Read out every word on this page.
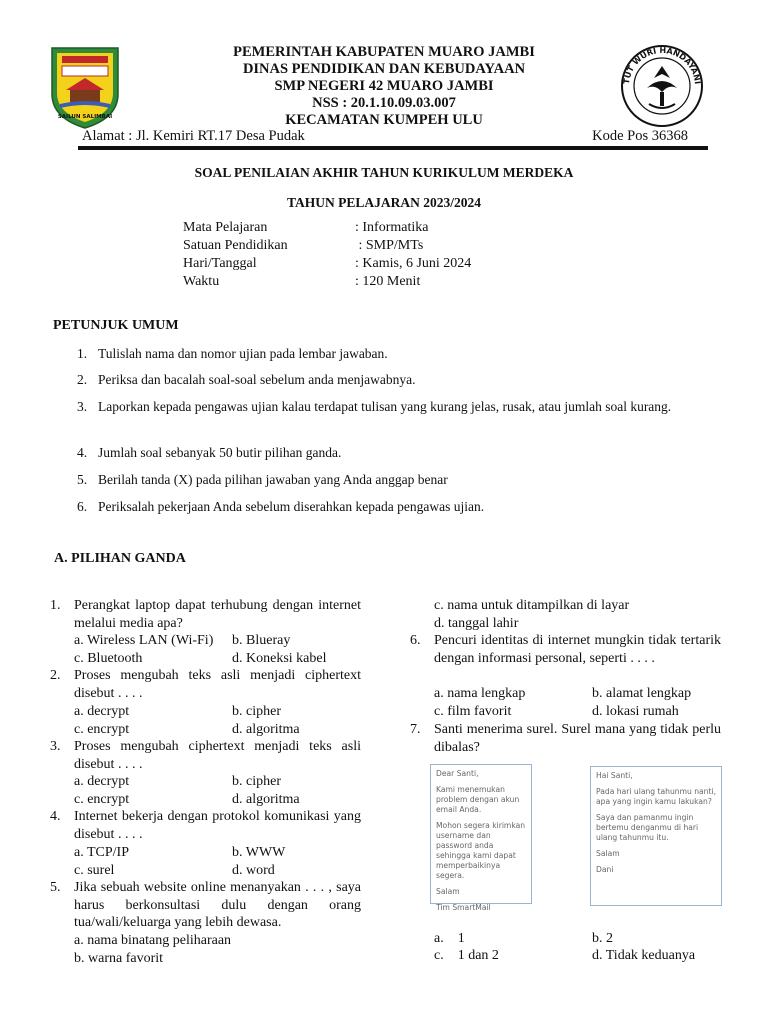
SAILUN SALIMBAI
PEMERINTAH KABUPATEN MUARO JAMBI
DINAS PENDIDIKAN DAN KEBUDAYAAN
SMP NEGERI 42 MUARO JAMBI
NSS : 20.1.10.09.03.007
KECAMATAN KUMPEH ULU
TUT WURI HANDAYANI
Alamat : Jl. Kemiri RT.17 Desa Pudak	Kode Pos 36368
SOAL PENILAIAN AKHIR TAHUN KURIKULUM MERDEKA
TAHUN PELAJARAN 2023/2024
Mata Pelajaran	: Informatika
Satuan Pendidikan	: SMP/MTs
Hari/Tanggal	: Kamis, 6 Juni 2024
Waktu	: 120 Menit
PETUNJUK UMUM
1. Tulislah nama dan nomor ujian pada lembar jawaban.
2. Periksa dan bacalah soal-soal sebelum anda menjawabnya.
3. Laporkan kepada pengawas ujian kalau terdapat tulisan yang kurang jelas, rusak, atau jumlah soal kurang.
4. Jumlah soal sebanyak 50 butir pilihan ganda.
5. Berilah tanda (X) pada pilihan jawaban yang Anda anggap benar
6. Periksalah pekerjaan Anda sebelum diserahkan kepada pengawas ujian.
A. PILIHAN GANDA
1. Perangkat laptop dapat terhubung dengan internet melalui media apa?
a. Wireless LAN (Wi-Fi) b. Blueray
c. Bluetooth	d. Koneksi kabel
2. Proses mengubah teks asli menjadi ciphertext disebut . . . .
a. decrypt	b. cipher
c. encrypt	d. algoritma
3. Proses mengubah ciphertext menjadi teks asli disebut . . . .
a. decrypt	b. cipher
c. encrypt	d. algoritma
4. Internet bekerja dengan protokol komunikasi yang disebut . . . .
a. TCP/IP	b. WWW
c. surel	d. word
5. Jika sebuah website online menanyakan . . . , saya harus berkonsultasi dulu dengan orang tua/wali/keluarga yang lebih dewasa.
a. nama binatang peliharaan
b. warna favorit
c. nama untuk ditampilkan di layar
d. tanggal lahir
6. Pencuri identitas di internet mungkin tidak tertarik dengan informasi personal, seperti . . . .
a. nama lengkap	b. alamat lengkap
c. film favorit	d. lokasi rumah
7. Santi menerima surel. Surel mana yang tidak perlu dibalas?

Dear Santi,

Kami menemukan problem dengan akun email Anda.

Mohon segera kirimkan username dan password anda sehingga kami dapat memperbaikinya segera.

Salam

Tim SmartMail

Hai Santi,

Pada hari ulang tahunmu nanti, apa yang ingin kamu lakukan?

Saya dan pamanmu ingin bertemu denganmu di hari ulang tahunmu itu.

Salam

Dani

a.    1	b. 2
c.    1 dan 2	d. Tidak keduanya
